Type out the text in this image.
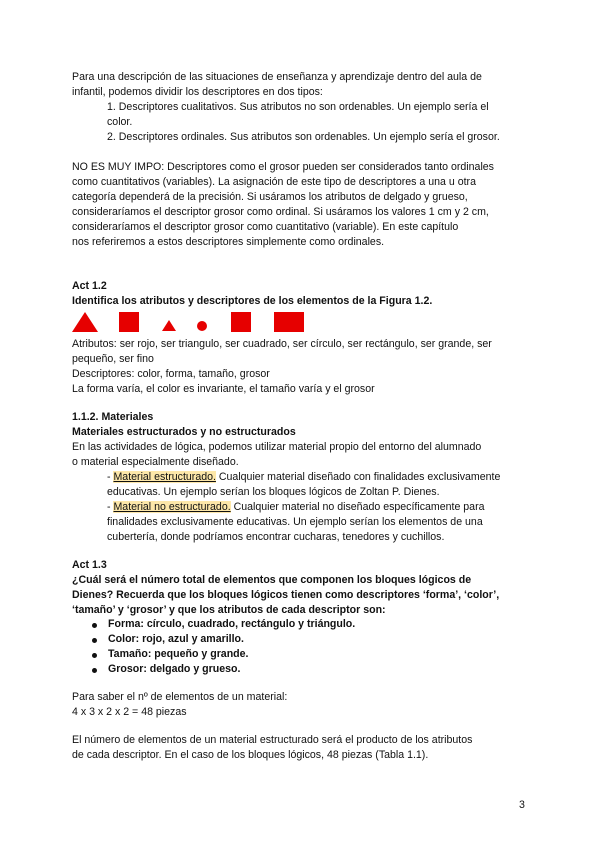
Para una descripción de las situaciones de enseñanza y aprendizaje dentro del aula de
infantil, podemos dividir los descriptores en dos tipos:
1. Descriptores cualitativos. Sus atributos no son ordenables. Un ejemplo sería el
color.
2. Descriptores ordinales. Sus atributos son ordenables. Un ejemplo sería el grosor.
NO ES MUY IMPO: Descriptores como el grosor pueden ser considerados tanto ordinales
como cuantitativos (variables). La asignación de este tipo de descriptores a una u otra
categoría dependerá de la precisión. Si usáramos los atributos de delgado y grueso,
consideraríamos el descriptor grosor como ordinal. Si usáramos los valores 1 cm y 2 cm,
consideraríamos el descriptor grosor como cuantitativo (variable). En este capítulo
nos referiremos a estos descriptores simplemente como ordinales.
Act 1.2
Identifica los atributos y descriptores de los elementos de la Figura 1.2.
Atributos: ser rojo, ser triangulo, ser cuadrado, ser círculo, ser rectángulo, ser grande, ser
pequeño, ser fino
Descriptores: color, forma, tamaño, grosor
La forma varía, el color es invariante, el tamaño varía y el grosor
1.1.2. Materiales
Materiales estructurados y no estructurados
En las actividades de lógica, podemos utilizar material propio del entorno del alumnado
o material especialmente diseñado.
- Material estructurado. Cualquier material diseñado con finalidades exclusivamente
educativas. Un ejemplo serían los bloques lógicos de Zoltan P. Dienes.
- Material no estructurado. Cualquier material no diseñado específicamente para
finalidades exclusivamente educativas. Un ejemplo serían los elementos de una
cubertería, donde podríamos encontrar cucharas, tenedores y cuchillos.
Act 1.3
¿Cuál será el número total de elementos que componen los bloques lógicos de
Dienes? Recuerda que los bloques lógicos tienen como descriptores ‘forma’, ‘color’,
‘tamaño’ y ‘grosor’ y que los atributos de cada descriptor son:
Forma: círculo, cuadrado, rectángulo y triángulo.
Color: rojo, azul y amarillo.
Tamaño: pequeño y grande.
Grosor: delgado y grueso.
Para saber el nº de elementos de un material:
4 x 3 x 2 x 2 = 48 piezas
El número de elementos de un material estructurado será el producto de los atributos
de cada descriptor. En el caso de los bloques lógicos, 48 piezas (Tabla 1.1).
3
